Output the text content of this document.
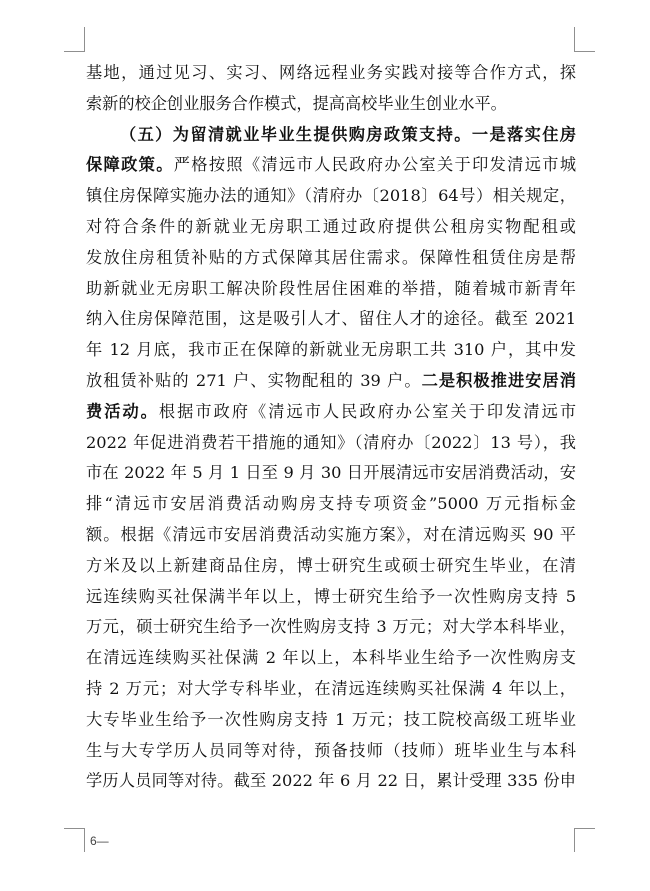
基地，通过见习、实习、网络远程业务实践对接等合作方式，探
索新的校企创业服务合作模式，提高高校毕业生创业水平。
（五）为留清就业毕业生提供购房政策支持。一是落实住房
保障政策。严格按照《清远市人民政府办公室关于印发清远市城
镇住房保障实施办法的通知》（清府办〔2018〕64号）相关规定，
对符合条件的新就业无房职工通过政府提供公租房实物配租或
发放住房租赁补贴的方式保障其居住需求。保障性租赁住房是帮
助新就业无房职工解决阶段性居住困难的举措，随着城市新青年
纳入住房保障范围，这是吸引人才、留住人才的途径。截至 2021
年 12 月底，我市正在保障的新就业无房职工共 310 户，其中发
放租赁补贴的 271 户、实物配租的 39 户。二是积极推进安居消
费活动。根据市政府《清远市人民政府办公室关于印发清远市
2022 年促进消费若干措施的通知》（清府办〔2022〕13 号），我
市在 2022 年 5 月 1 日至 9 月 30 日开展清远市安居消费活动，安
排“清远市安居消费活动购房支持专项资金”5000 万元指标金
额。根据《清远市安居消费活动实施方案》，对在清远购买 90 平
方米及以上新建商品住房，博士研究生或硕士研究生毕业，在清
远连续购买社保满半年以上，博士研究生给予一次性购房支持 5
万元，硕士研究生给予一次性购房支持 3 万元；对大学本科毕业，
在清远连续购买社保满 2 年以上，本科毕业生给予一次性购房支
持 2 万元；对大学专科毕业，在清远连续购买社保满 4 年以上，
大专毕业生给予一次性购房支持 1 万元；技工院校高级工班毕业
生与大专学历人员同等对待，预备技师（技师）班毕业生与本科
学历人员同等对待。截至 2022 年 6 月 22 日，累计受理 335 份申
6—
